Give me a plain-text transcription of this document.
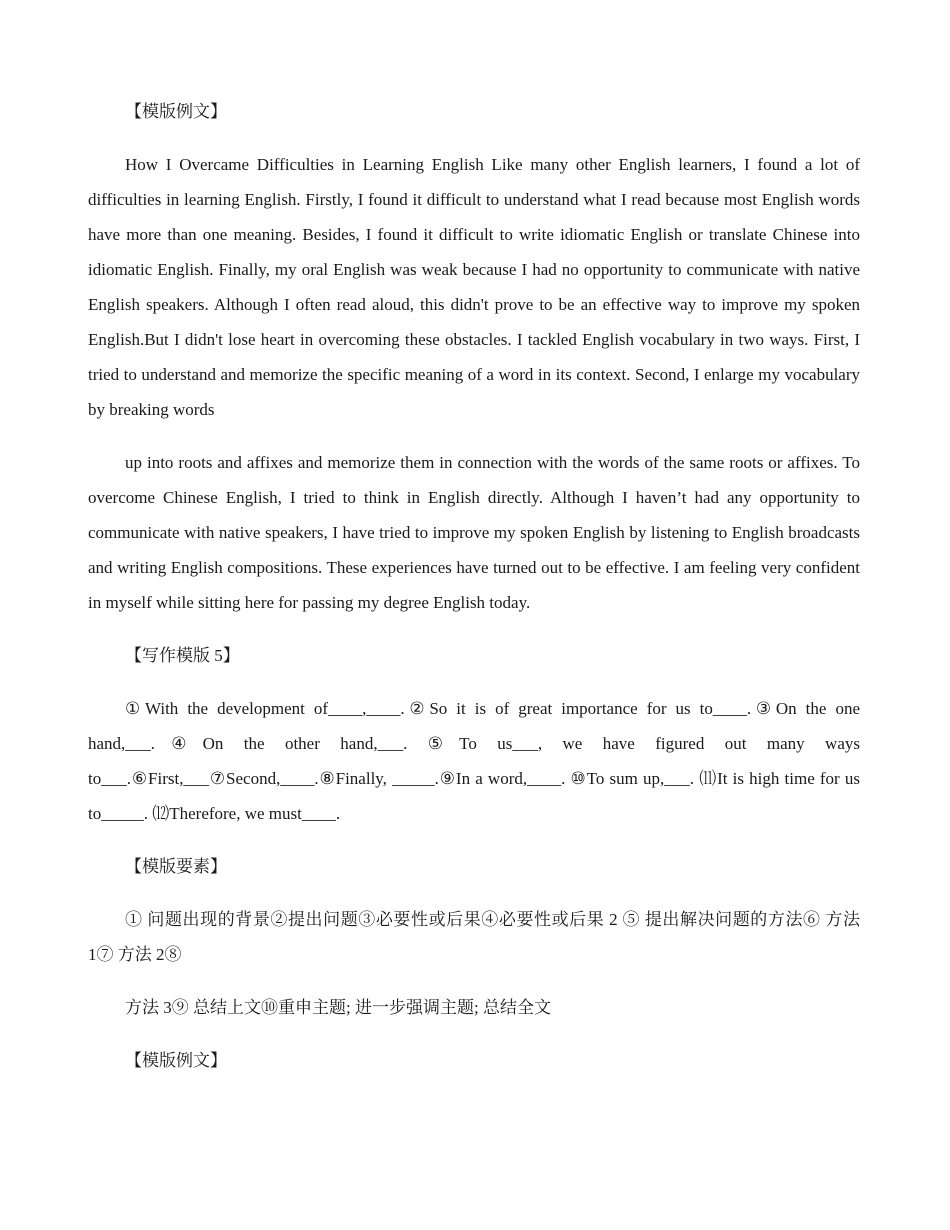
【模版例文】

How I Overcame Difficulties in Learning English Like many other English learners, I found a lot of difficulties in learning English. Firstly, I found it difficult to understand what I read because most English words have more than one meaning. Besides, I found it difficult to write idiomatic English or translate Chinese into idiomatic English. Finally, my oral English was weak because I had no opportunity to communicate with native English speakers. Although I often read aloud, this didn't prove to be an effective way to improve my spoken English.But I didn't lose heart in overcoming these obstacles. I tackled English vocabulary in two ways. First, I tried to understand and memorize the specific meaning of a word in its context. Second, I enlarge my vocabulary by breaking words

up into roots and affixes and memorize them in connection with the words of the same roots or affixes. To overcome Chinese English, I tried to think in English directly. Although I haven’t had any opportunity to communicate with native speakers, I have tried to improve my spoken English by listening to English broadcasts and writing English compositions. These experiences have turned out to be effective. I am feeling very confident in myself while sitting here for passing my degree English today.

【写作模版 5】

①With the development of____,____.②So it is of great importance for us to____.③On the one hand,___.④On the other hand,___. ⑤To us___, we have figured out many ways to___.⑥First,___⑦Second,____.⑧Finally, _____.⑨In a word,____. ⑩To sum up,___. ⑾It is high time for us to_____. ⑿Therefore, we must____.

【模版要素】

① 问题出现的背景②提出问题③必要性或后果④必要性或后果 2 ⑤ 提出解决问题的方法⑥ 方法 1⑦ 方法 2⑧

方法 3⑨ 总结上文⑩重申主题; 进一步强调主题; 总结全文

【模版例文】
